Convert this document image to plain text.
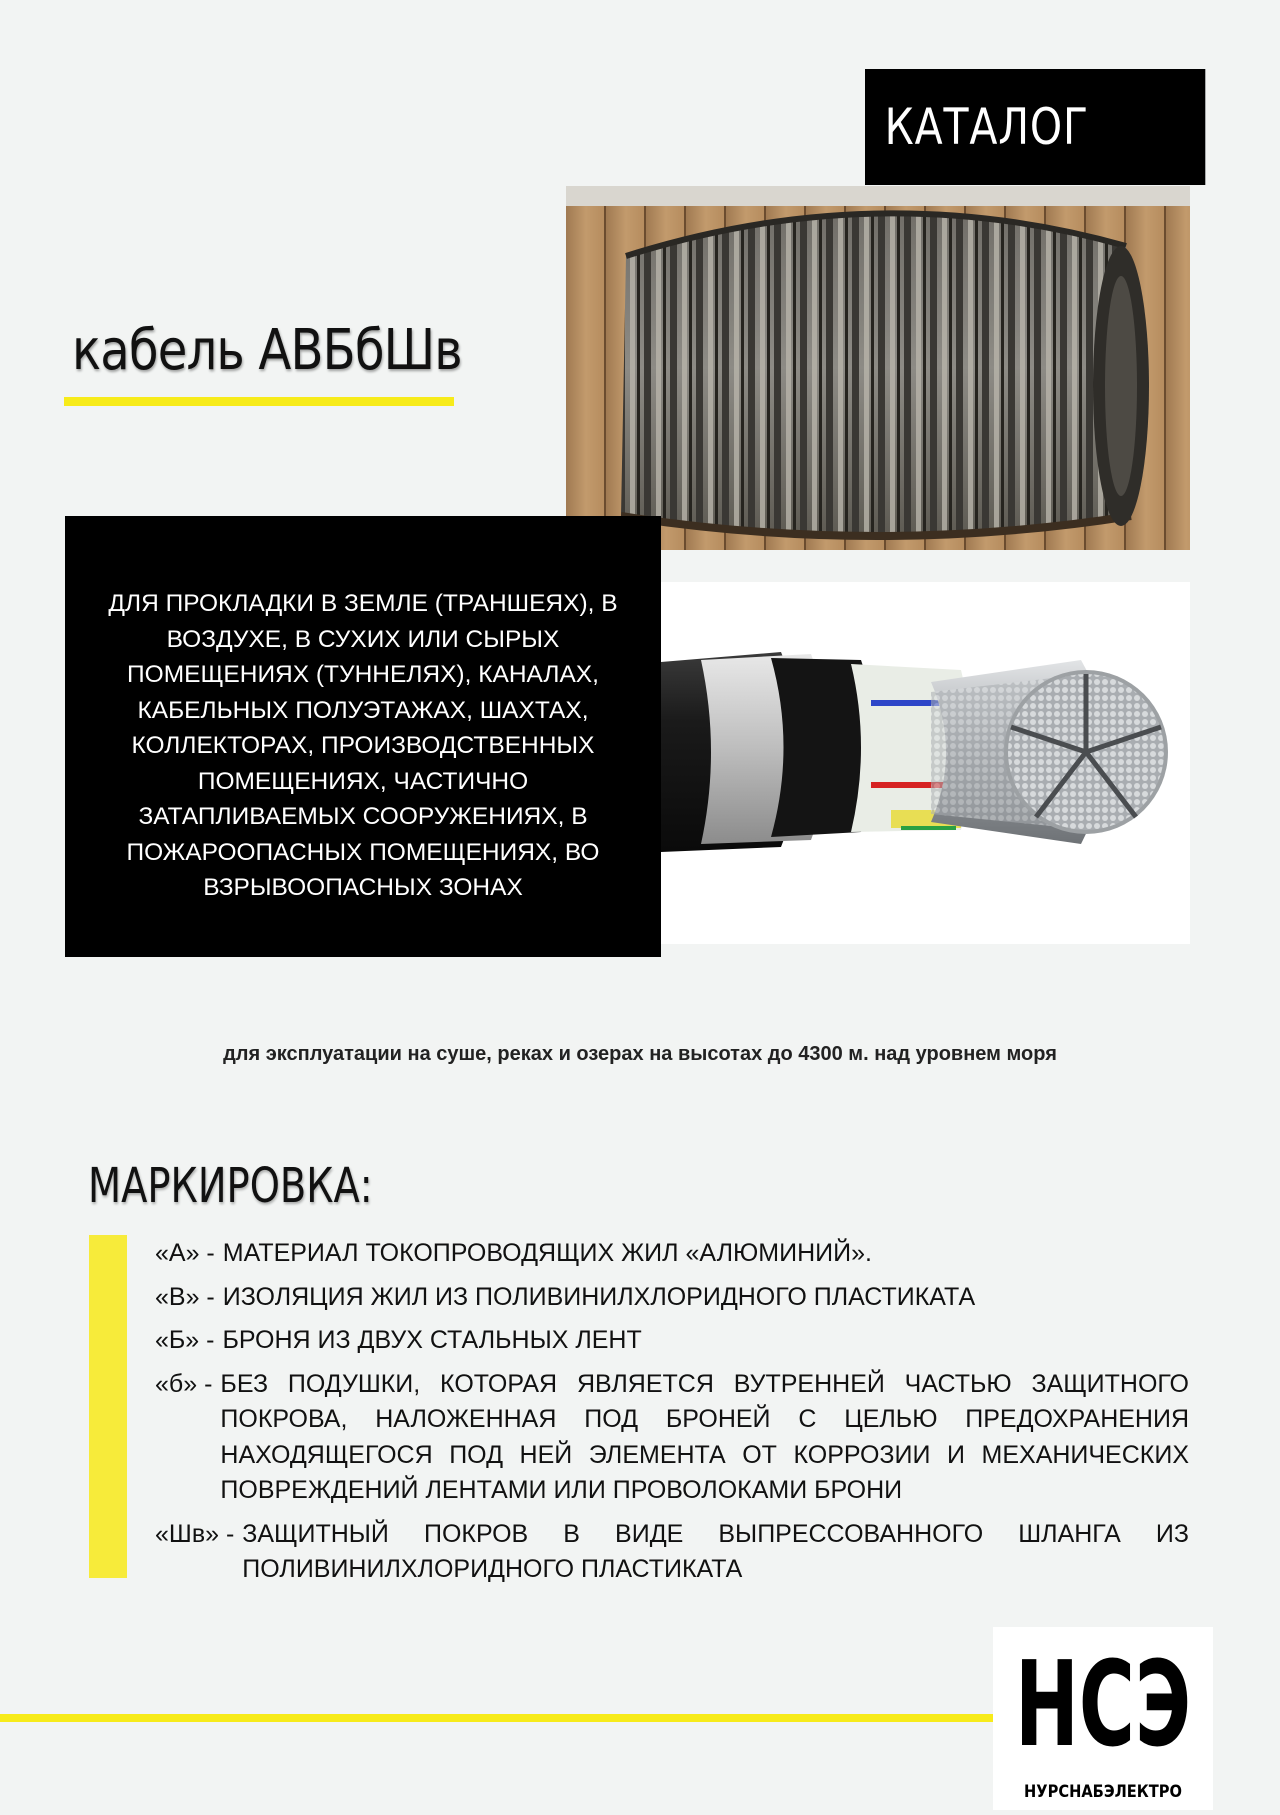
КАТАЛОГ
кабель АВБбШв
ДЛЯ ПРОКЛАДКИ В ЗЕМЛЕ (ТРАНШЕЯХ), В ВОЗДУХЕ, В СУХИХ ИЛИ СЫРЫХ ПОМЕЩЕНИЯХ (ТУННЕЛЯХ), КАНАЛАХ, КАБЕЛЬНЫХ ПОЛУЭТАЖАХ, ШАХТАХ, КОЛЛЕКТОРАХ, ПРОИЗВОДСТВЕННЫХ ПОМЕЩЕНИЯХ, ЧАСТИЧНО ЗАТАПЛИВАЕМЫХ СООРУЖЕНИЯХ, В ПОЖАРООПАСНЫХ ПОМЕЩЕНИЯХ, ВО ВЗРЫВООПАСНЫХ ЗОНАХ
для эксплуатации на суше, реках и озерах на высотах до 4300 м. над уровнем моря
МАРКИРОВКА:
«А» - МАТЕРИАЛ ТОКОПРОВОДЯЩИХ ЖИЛ «АЛЮМИНИЙ».
«В» - ИЗОЛЯЦИЯ ЖИЛ ИЗ ПОЛИВИНИЛХЛОРИДНОГО ПЛАСТИКАТА
«Б» - БРОНЯ ИЗ ДВУХ СТАЛЬНЫХ ЛЕНТ
«б» - БЕЗ ПОДУШКИ, КОТОРАЯ ЯВЛЯЕТСЯ ВУТРЕННЕЙ ЧАСТЬЮ ЗАЩИТНОГО ПОКРОВА, НАЛОЖЕННАЯ ПОД БРОНЕЙ С ЦЕЛЬЮ ПРЕДОХРАНЕНИЯ НАХОДЯЩЕГОСЯ ПОД НЕЙ ЭЛЕМЕНТА ОТ КОРРОЗИИ И МЕХАНИЧЕСКИХ ПОВРЕЖДЕНИЙ ЛЕНТАМИ ИЛИ ПРОВОЛОКАМИ БРОНИ
«Шв» - ЗАЩИТНЫЙ ПОКРОВ В ВИДЕ ВЫПРЕССОВАННОГО ШЛАНГА ИЗ ПОЛИВИНИЛХЛОРИДНОГО ПЛАСТИКАТА
НСЭ
НУРСНАБЭЛЕКТРО
